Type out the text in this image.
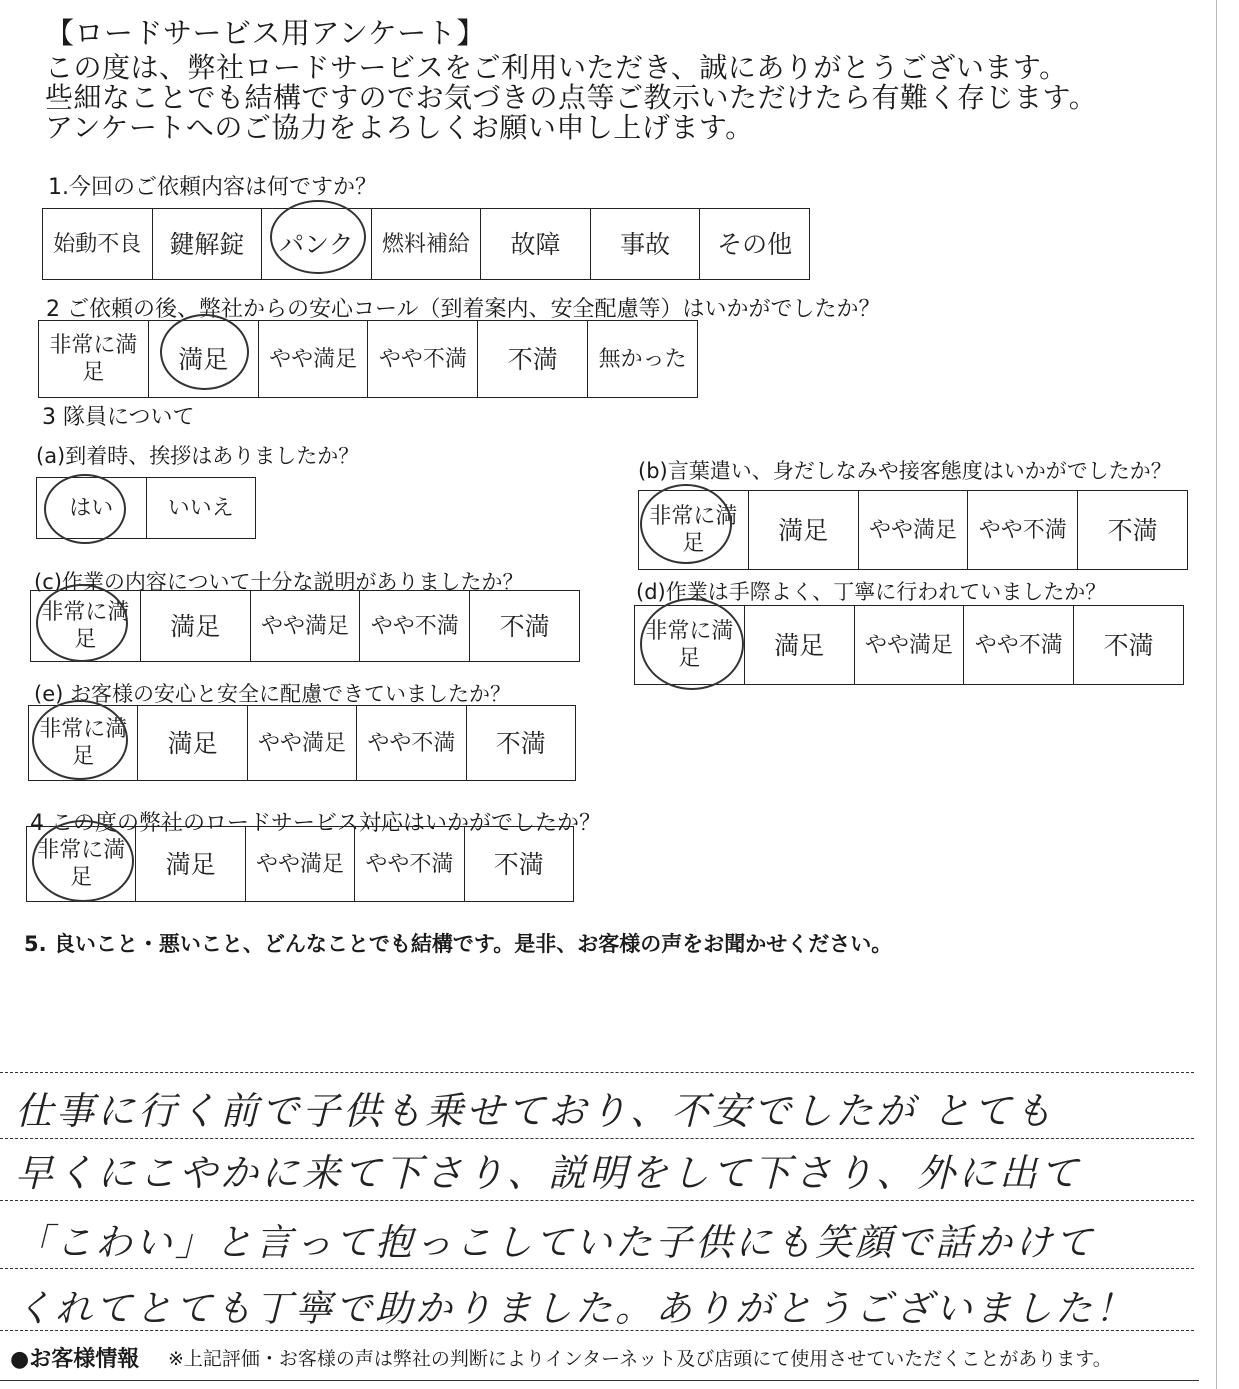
【ロードサービス用アンケート】
この度は、弊社ロードサービスをご利用いただき、誠にありがとうございます。
些細なことでも結構ですのでお気づきの点等ご教示いただけたら有難く存じます。
アンケートへのご協力をよろしくお願い申し上げます。
1.今回のご依頼内容は何ですか？
始動不良	鍵解錠	パンク	燃料補給	故障	事故	その他
2 ご依頼の後、弊社からの安心コール（到着案内、安全配慮等）はいかがでしたか？
非常に満足	満足	やや満足	やや不満	不満	無かった
3 隊員について
(a)到着時、挨拶はありましたか？
はい	いいえ
(b)言葉遣い、身だしなみや接客態度はいかがでしたか？
非常に満足	満足	やや満足	やや不満	不満
(c)作業の内容について十分な説明がありましたか？
非常に満足	満足	やや満足	やや不満	不満
(d)作業は手際よく、丁寧に行われていましたか？
非常に満足	満足	やや満足	やや不満	不満
(e) お客様の安心と安全に配慮できていましたか？
非常に満足	満足	やや満足	やや不満	不満
4 この度の弊社のロードサービス対応はいかがでしたか？
非常に満足	満足	やや満足	やや不満	不満
5. 良いこと・悪いこと、どんなことでも結構です。是非、お客様の声をお聞かせください。
仕事に行く前で子供も乗せており、不安でしたが とても
早くにこやかに来て下さり、説明をして下さり、外に出て
「こわい」と言って抱っこしていた子供にも笑顔で話かけて
くれてとても丁寧で助かりました。ありがとうございました！
●お客様情報 ※上記評価・お客様の声は弊社の判断によりインターネット及び店頭にて使用させていただくことがあります。
